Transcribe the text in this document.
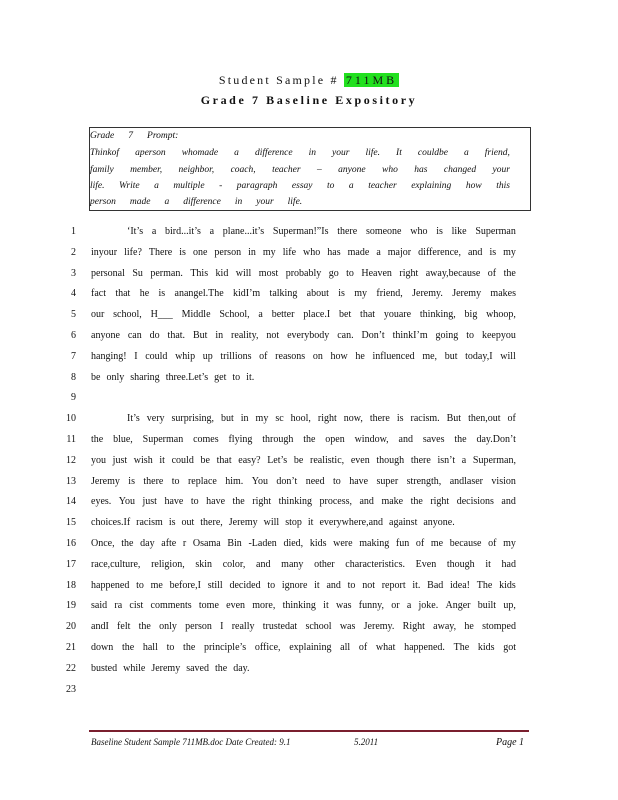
Student Sample # 711MB
Grade 7 Baseline Expository
Grade 7 Prompt:
Thinkof aperson whomade a difference in your life. It couldbe a friend,
family member, neighbor, coach, teacher – anyone who has changed your
life. Write a multiple - paragraph essay to a teacher explaining how this
person made a difference in your life.
1	‘It’s a bird...it’s a plane...it’s Superman!”Is there someone who is like Superman
2 inyour life? There is one person in my life who has made a major difference, and is my
3 personal Su perman. This kid will most probably go to Heaven right away,because of the
4 fact that he is anangel.The kidI’m talking about is my friend, Jeremy. Jeremy makes
5 our school, H___ Middle School, a better place.I bet that youare thinking, big whoop,
6 anyone can do that. But in reality, not everybody can. Don’t thinkI’m going to keepyou
7 hanging! I could whip up trillions of reasons on how he influenced me, but today,I will
8 be only sharing three.Let’s get to it.
9
10	It’s very surprising, but in my sc hool, right now, there is racism. But then,out of
11 the blue, Superman comes flying through the open window, and saves the day.Don’t
12 you just wish it could be that easy? Let’s be realistic, even though there isn’t a Superman,
13 Jeremy is there to replace him. You don’t need to have super strength, andlaser vision
14 eyes. You just have to have the right thinking process, and make the right decisions and
15 choices.If racism is out there, Jeremy will stop it everywhere,and against anyone.
16 Once, the day afte r Osama Bin -Laden died, kids were making fun of me because of my
17 race,culture, religion, skin color, and many other characteristics. Even though it had
18 happened to me before,I still decided to ignore it and to not report it. Bad idea! The kids
19 said ra cist comments tome even more, thinking it was funny, or a joke. Anger built up,
20 andI felt the only person I really trustedat school was Jeremy. Right away, he stomped
21 down the hall to the principle’s office, explaining all of what happened. The kids got
22 busted while Jeremy saved the day.
23
Baseline Student Sample 711MB.doc Date Created: 9.1	5.2011	Page 1
